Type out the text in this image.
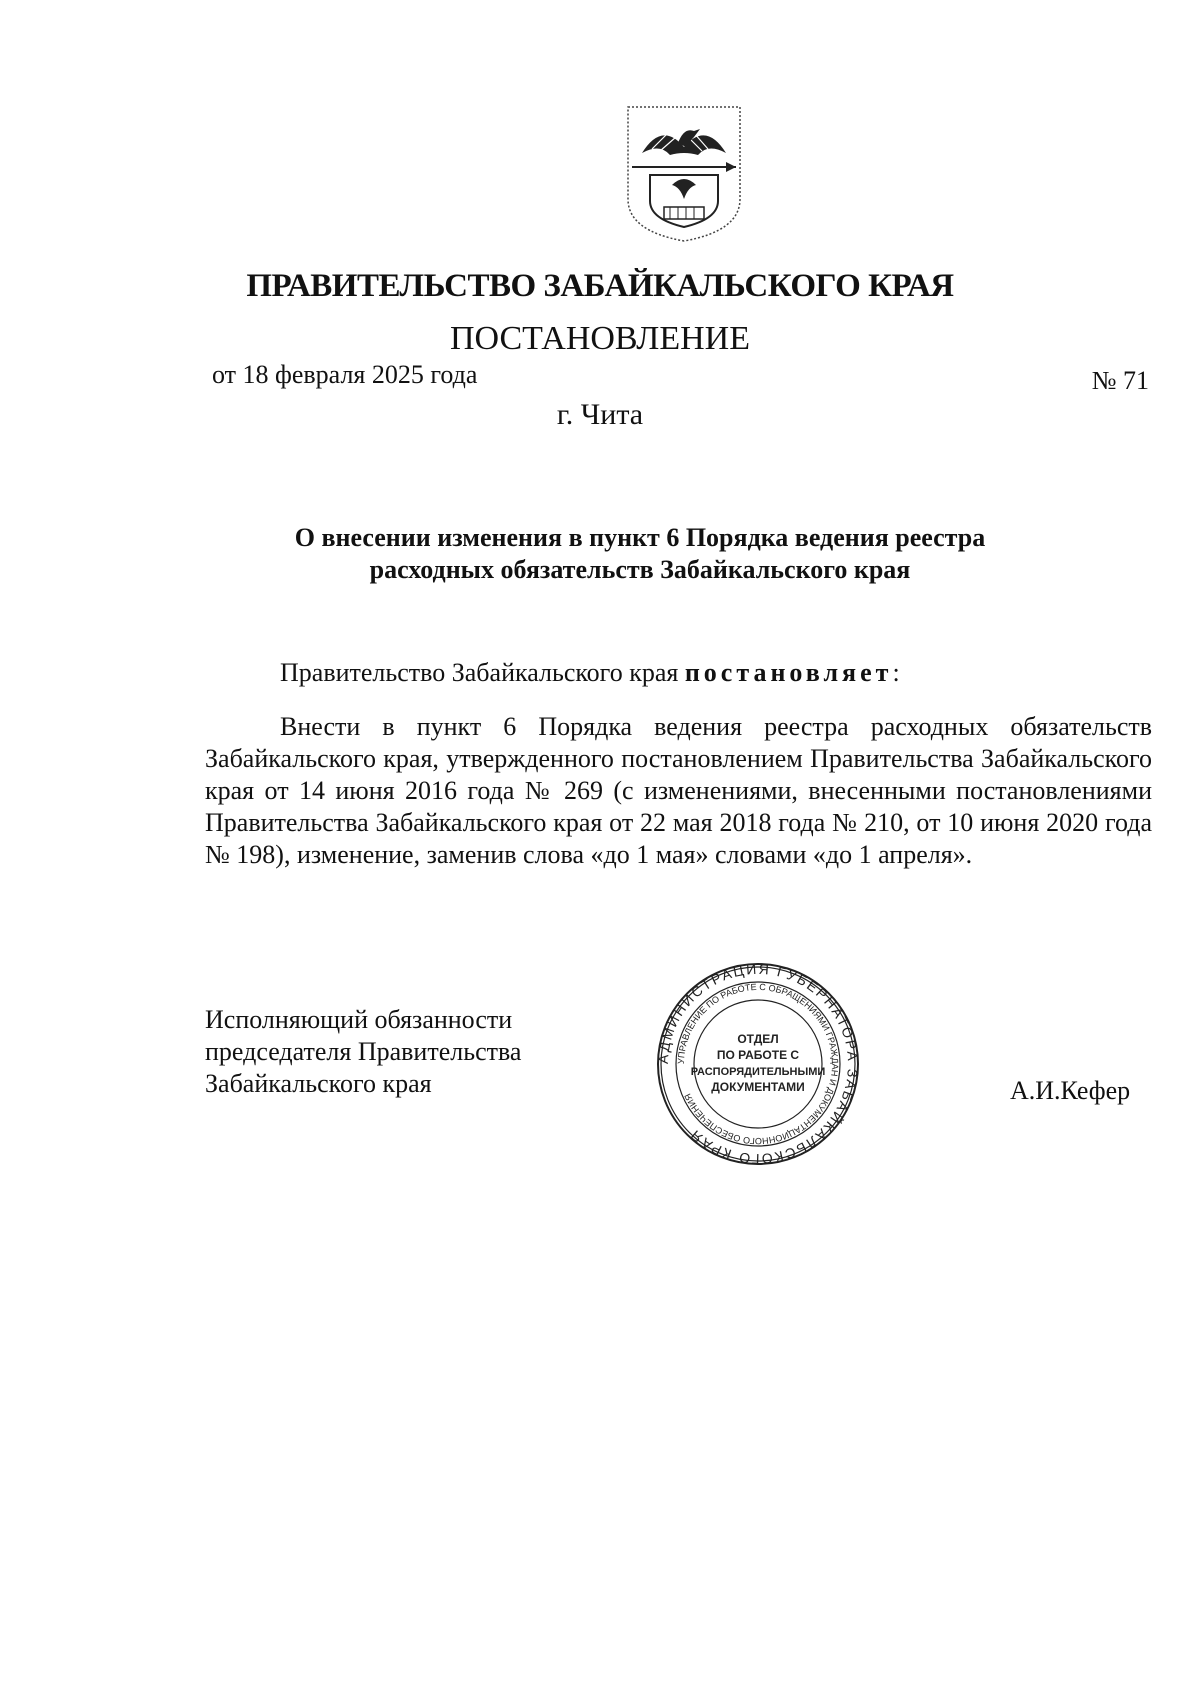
ПРАВИТЕЛЬСТВО ЗАБАЙКАЛЬСКОГО КРАЯ
ПОСТАНОВЛЕНИЕ
от 18 февраля 2025 года	№ 71
г. Чита
О внесении изменения в пункт 6 Порядка ведения реестра
расходных обязательств Забайкальского края
Правительство Забайкальского края постановляет:
Внести в пункт 6 Порядка ведения реестра расходных обязательств Забайкальского края, утвержденного постановлением Правительства Забайкальского края от 14 июня 2016 года № 269 (с изменениями, внесенными постановлениями Правительства Забайкальского края от 22 мая 2018 года № 210, от 10 июня 2020 года № 198), изменение, заменив слова «до 1 мая» словами «до 1 апреля».
Исполняющий обязанности
председателя Правительства
Забайкальского края
АДМИНИСТРАЦИЯ ГУБЕРНАТОРА ЗАБАЙКАЛЬСКОГО КРАЯ
УПРАВЛЕНИЕ ПО РАБОТЕ С ОБРАЩЕНИЯМИ ГРАЖДАН И ДОКУМЕНТАЦИОННОГО ОБЕСПЕЧЕНИЯ
ОТДЕЛ
ПО РАБОТЕ С
РАСПОРЯДИТЕЛЬНЫМИ
ДОКУМЕНТАМИ	А.И.Кефер
